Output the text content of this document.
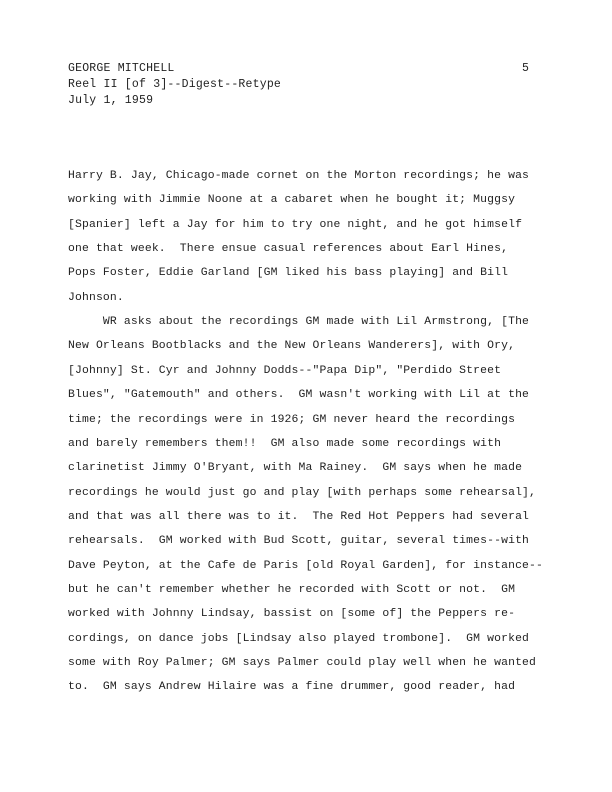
GEORGE MITCHELL	5
Reel II [of 3]--Digest--Retype
July 1, 1959
Harry B. Jay, Chicago-made cornet on the Morton recordings; he was
working with Jimmie Noone at a cabaret when he bought it; Muggsy
[Spanier] left a Jay for him to try one night, and he got himself
one that week.  There ensue casual references about Earl Hines,
Pops Foster, Eddie Garland [GM liked his bass playing] and Bill
Johnson.
WR asks about the recordings GM made with Lil Armstrong, [The
New Orleans Bootblacks and the New Orleans Wanderers], with Ory,
[Johnny] St. Cyr and Johnny Dodds--"Papa Dip", "Perdido Street
Blues", "Gatemouth" and others.  GM wasn't working with Lil at the
time; the recordings were in 1926; GM never heard the recordings
and barely remembers them!!  GM also made some recordings with
clarinetist Jimmy O'Bryant, with Ma Rainey.  GM says when he made
recordings he would just go and play [with perhaps some rehearsal],
and that was all there was to it.  The Red Hot Peppers had several
rehearsals.  GM worked with Bud Scott, guitar, several times--with
Dave Peyton, at the Cafe de Paris [old Royal Garden], for instance--
but he can't remember whether he recorded with Scott or not.  GM
worked with Johnny Lindsay, bassist on [some of] the Peppers re-
cordings, on dance jobs [Lindsay also played trombone].  GM worked
some with Roy Palmer; GM says Palmer could play well when he wanted
to.  GM says Andrew Hilaire was a fine drummer, good reader, had
